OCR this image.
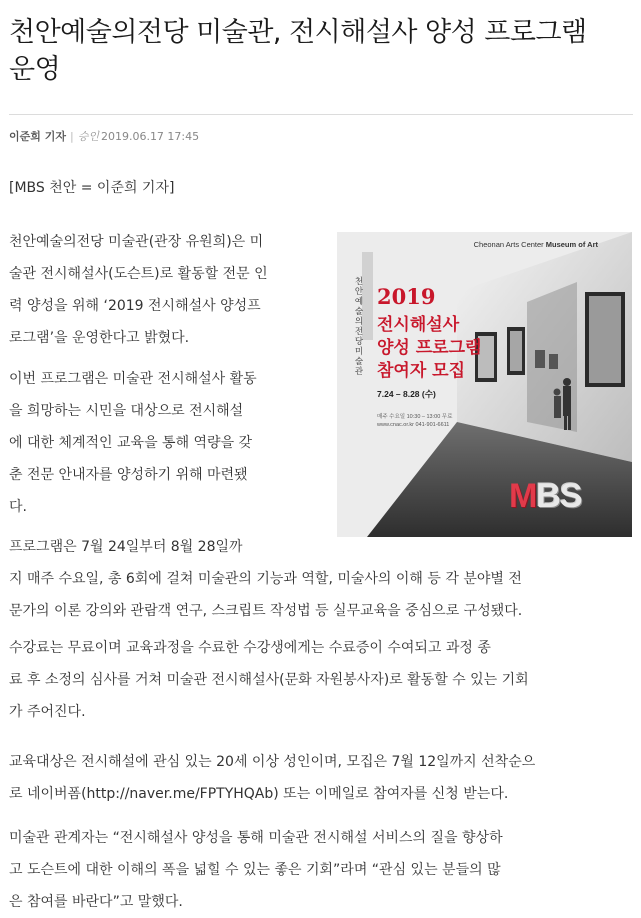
천안예술의전당 미술관, 전시해설사 양성 프로그램
운영
이준희 기자 | 승인 2019.06.17 17:45
[MBS 천안 = 이준희 기자]
천안예술의전당 미술관(관장 유원희)은 미
술관 전시해설사(도슨트)로 활동할 전문 인
력 양성을 위해 ‘2019 전시해설사 양성프
로그램’을 운영한다고 밝혔다.
이번 프로그램은 미술관 전시해설사 활동
을 희망하는 시민을 대상으로 전시해설
에 대한 체계적인 교육을 통해 역량을 갖
춘 전문 안내자를 양성하기 위해 마련됐
다.
프로그램은 7월 24일부터 8월 28일까
지 매주 수요일, 총 6회에 걸쳐 미술관의 기능과 역할, 미술사의 이해 등 각 분야별 전
문가의 이론 강의와 관람객 연구, 스크립트 작성법 등 실무교육을 중심으로 구성됐다.
수강료는 무료이며 교육과정을 수료한 수강생에게는 수료증이 수여되고 과정 종
료 후 소정의 심사를 거쳐 미술관 전시해설사(문화 자원봉사자)로 활동할 수 있는 기회
가 주어진다.
교육대상은 전시해설에 관심 있는 20세 이상 성인이며, 모집은 7월 12일까지 선착순으
로 네이버폼(http://naver.me/FPTYHQAb) 또는 이메일로 참여자를 신청 받는다.
미술관 관계자는 “전시해설사 양성을 통해 미술관 전시해설 서비스의 질을 향상하
고 도슨트에 대한 이해의 폭을 넓힐 수 있는 좋은 기회”라며 “관심 있는 분들의 많
은 참여를 바란다”고 말했다.
Cheonan Arts Center Museum of Art
천안예술의전당미술관
2019
전시해설사
양성 프로그램
참여자 모집
7.24 – 8.28 (수)
매주 수요일 10:30 – 13:00 무료
www.cnac.or.kr 041-901-6611
MBS
